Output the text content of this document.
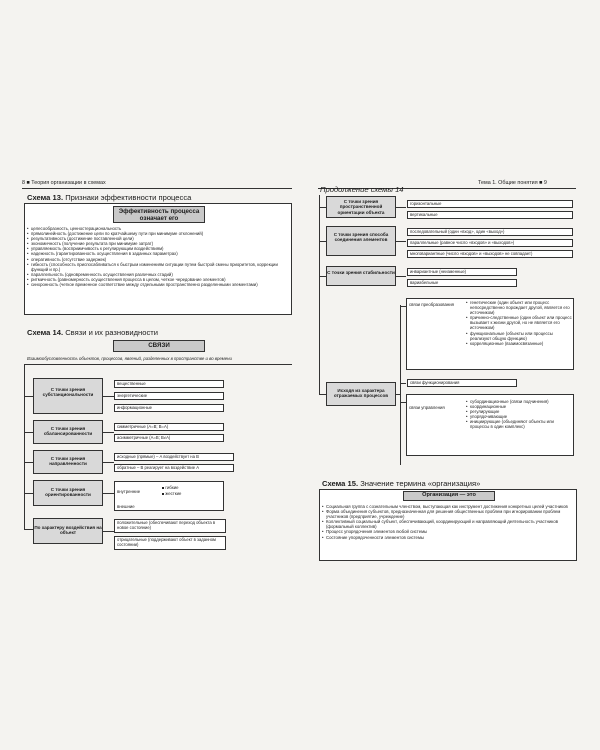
8 ■ Теория организации в схемах
Схема 13. Признаки эффективности процесса
Эффективность процесса означает его
• целесообразность, ценностерациональность
• прямолинейность (достижение цели по кратчайшему пути при минимуме отклонений)
• результативность (достижение поставленной цели)
• экономичность (получение результата при минимуме затрат)
• управляемость (восприимчивость к регулирующим воздействиям)
• надежность (гарантированность осуществления в заданных параметрах)
• оперативность (отсутствие задержек)
• гибкость (способность приспосабливаться к быстрым изменениям ситуации путем быстрой смены приоритетов, коррекции функций и пр.)
• параллельность (одновременность осуществления различных стадий)
• ритмичность (равномерность осуществления процесса в целом, четкое чередование элементов)
• синхронность (четкое временное соответствие между отдельными пространственно разделенными элементами)
Схема 14. Связи и их разновидности
СВЯЗИ
Взаимообусловленность объектов, процессов, явлений, разделенных в пространстве и во времени
С точки зрения субстанциональности
вещественные
энергетические
информационные
С точки зрения сбалансированности
симметричные (А=В; В=А)
асимметричные (А=В; В≠А)
С точки зрения направленности
исходные (прямые) – А воздействует на В
обратные – В реагирует на воздействие А
С точки зрения ориентированности
внутренние
гибкие
жесткие
внешние
По характеру воздействия на объект
положительные (обеспечивают переход объекта в новое состояние)
отрицательные (поддерживают объект в заданном состоянии)
Тема 1. Общие понятия ■ 9
Продолжение схемы 14
С точки зрения пространственной ориентации объекта
горизонтальные
вертикальные
С точки зрения способа соединения элементов
последовательный (один «вход», один «выход»)
параллельные (равное число «входов» и «выходов»)
многовариантные (число «входов» и «выходов» не совпадает)
С точки зрения стабильности	инвариантные (неизменные)
вариабельные
Исходя из характера отражаемых процессов
связи преобразования
•	генетические (один объект или процесс непосредственно порождает другой, является его источником)
• причинно-следственные (один объект или процесс вызывает к жизни другой, но не является его источником)
• функциональные (объекты или процессы реализуют общую функцию)
• корреляционные (взаимосвязанные)
связи функционирования
связи управления
• субординационные (связи подчинения)
• координационные
• регулирующие
• упорядочивающие
• инициирующие (объединяют объекты или процессы в один комплекс)
Схема 15. Значение термина «организация»
Организация — это
• Социальная группа с сознательным членством, выступающая как инструмент достижения конкретных целей участников
• Форма объединения субъектов, предназначенная для решения общественных проблем при игнорировании проблем участников (предприятие, учреждение)
• Коллективный социальный субъект, обеспечивающий, координирующий и направляющий деятельность участников (формальный коллектив)
• Процесс упорядочения элементов любой системы
• Состояние упорядоченности элементов системы
